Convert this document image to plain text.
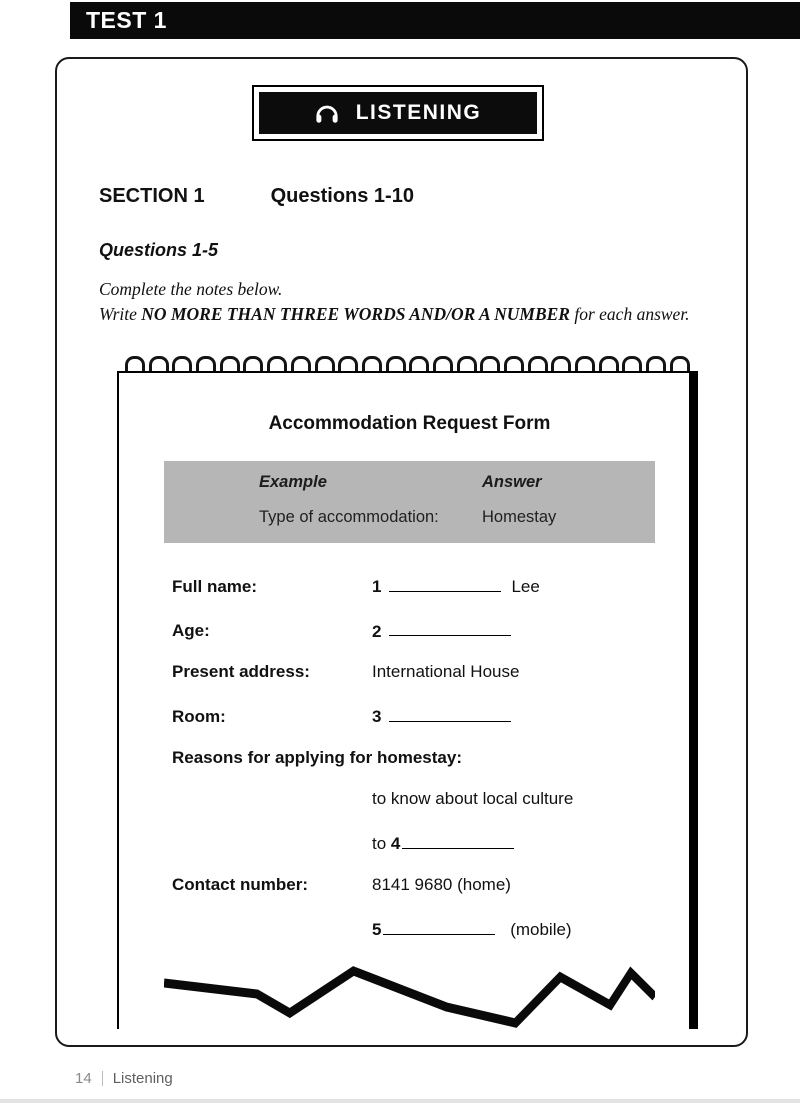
TEST 1
LISTENING
SECTION 1	Questions 1-10
Questions 1-5
Complete the notes below.
Write NO MORE THAN THREE WORDS AND/OR A NUMBER for each answer.
Accommodation Request Form
Example	Answer
Type of accommodation:	Homestay
Full name:	1	Lee
Age:	2
Present address:	International House
Room:	3
Reasons for applying for homestay:
to know about local culture
to 4
Contact number:	8141 9680 (home)
5	(mobile)
14 Listening
